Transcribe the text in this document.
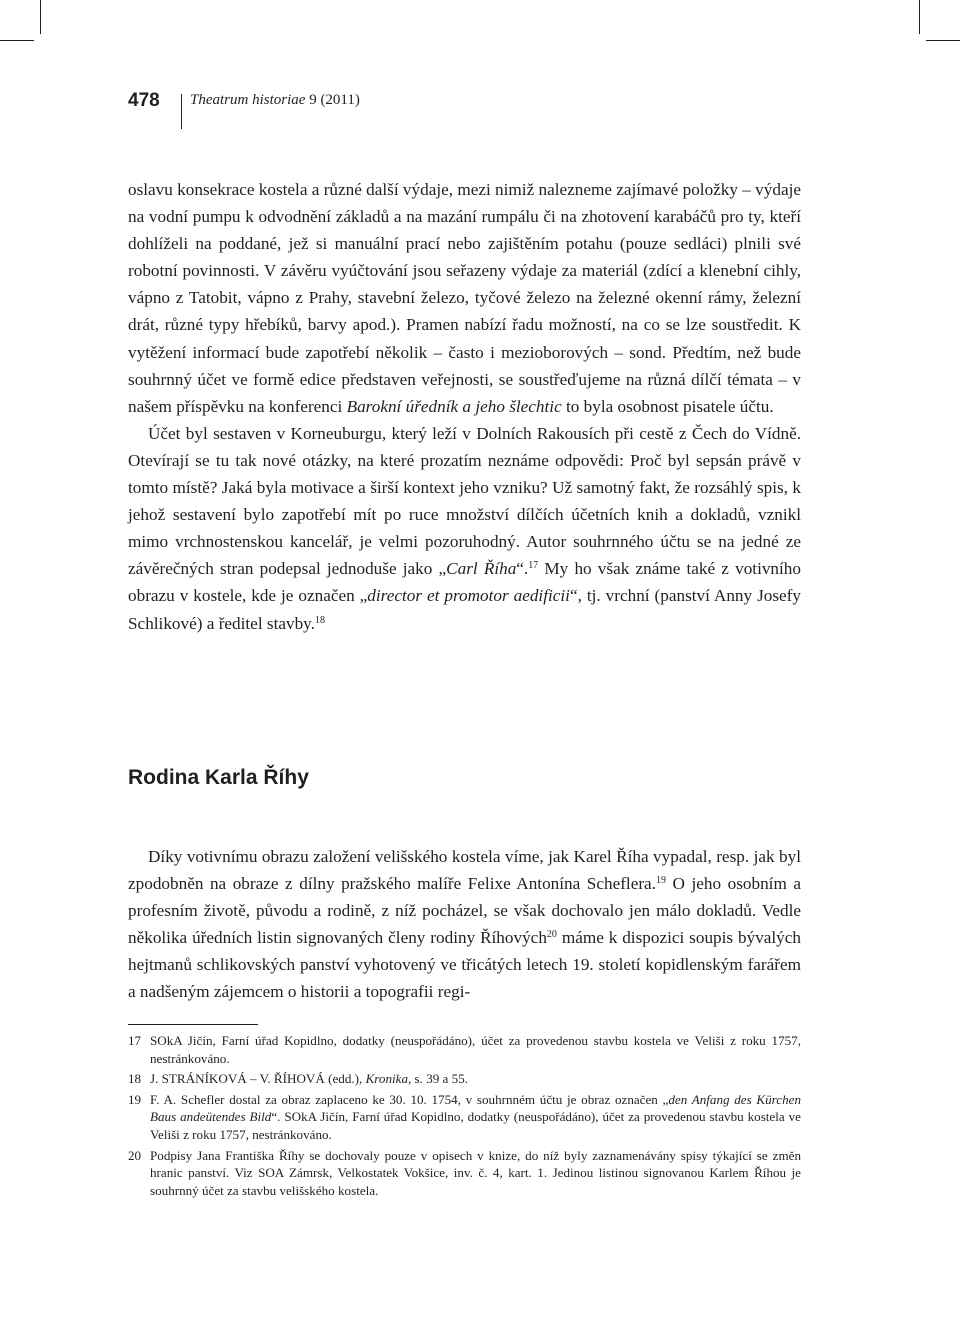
478 Theatrum historiae 9 (2011)

oslavu konsekrace kostela a různé další výdaje, mezi nimiž nalezneme zajímavé položky – výdaje na vodní pumpu k odvodnění základů a na mazání rumpálu či na zhotovení karabáčů pro ty, kteří dohlíželi na poddané, jež si manuální prací nebo zajištěním potahu (pouze sedláci) plnili své robotní povinnosti. V závěru vyúčtování jsou seřazeny výdaje za materiál (zdící a klenební cihly, vápno z Tatobit, vápno z Prahy, stavební železo, tyčové železo na železné okenní rámy, železní drát, různé typy hřebíků, barvy apod.). Pramen nabízí řadu možností, na co se lze soustředit. K vytěžení informací bude zapotřebí několik – často i mezioborových – sond. Předtím, než bude souhrnný účet ve formě edice představen veřejnosti, se soustřeďujeme na různá dílčí témata – v našem příspěvku na konferenci Barokní úředník a jeho šlechtic to byla osobnost pisatele účtu.

Účet byl sestaven v Korneuburgu, který leží v Dolních Rakousích při cestě z Čech do Vídně. Otevírají se tu tak nové otázky, na které prozatím neznáme odpovědi: Proč byl sepsán právě v tomto místě? Jaká byla motivace a širší kontext jeho vzniku? Už samotný fakt, že rozsáhlý spis, k jehož sestavení bylo zapotřebí mít po ruce množství dílčích účetních knih a dokladů, vznikl mimo vrchnostenskou kancelář, je velmi pozoruhodný. Autor souhrnného účtu se na jedné ze závěrečných stran podepsal jednoduše jako „Carl Říha“.$^{17}$ My ho však známe také z votivního obrazu v kostele, kde je označen „director et promotor aedificii“, tj. vrchní (panství Anny Josefy Schlikové) a ředitel stavby.$^{18}$

Rodina Karla Říhy

Díky votivnímu obrazu založení velišského kostela víme, jak Karel Říha vypadal, resp. jak byl zpodobněn na obraze z dílny pražského malíře Felixe Antonína Scheflera.$^{19}$ O jeho osobním a profesním životě, původu a rodině, z níž pocházel, se však dochovalo jen málo dokladů. Vedle několika úředních listin signovaných členy rodiny Říhových$^{20}$ máme k dispozici soupis bývalých hejtmanů schlikovských panství vyhotovený ve třicátých letech 19. století kopidlenským farářem a nadšeným zájemcem o historii a topografii regi-

17 SOkA Jičín, Farní úřad Kopidlno, dodatky (neuspořádáno), účet za provedenou stavbu kostela ve Veliši z roku 1757, nestránkováno.
18 J. STRÁNÍKOVÁ – V. ŘÍHOVÁ (edd.), Kronika, s. 39 a 55.
19 F. A. Schefler dostal za obraz zaplaceno ke 30. 10. 1754, v souhrnném účtu je obraz označen „den Anfang des Kürchen Baus andeütendes Bild“. SOkA Jičín, Farní úřad Kopidlno, dodatky (neuspořádáno), účet za provedenou stavbu kostela ve Veliši z roku 1757, nestránkováno.
20 Podpisy Jana Františka Říhy se dochovaly pouze v opisech v knize, do níž byly zaznamenávány spisy týkající se změn hranic panství. Viz SOA Zámrsk, Velkostatek Vokšice, inv. č. 4, kart. 1. Jedinou listinou signovanou Karlem Říhou je souhrnný účet za stavbu velišského kostela.
